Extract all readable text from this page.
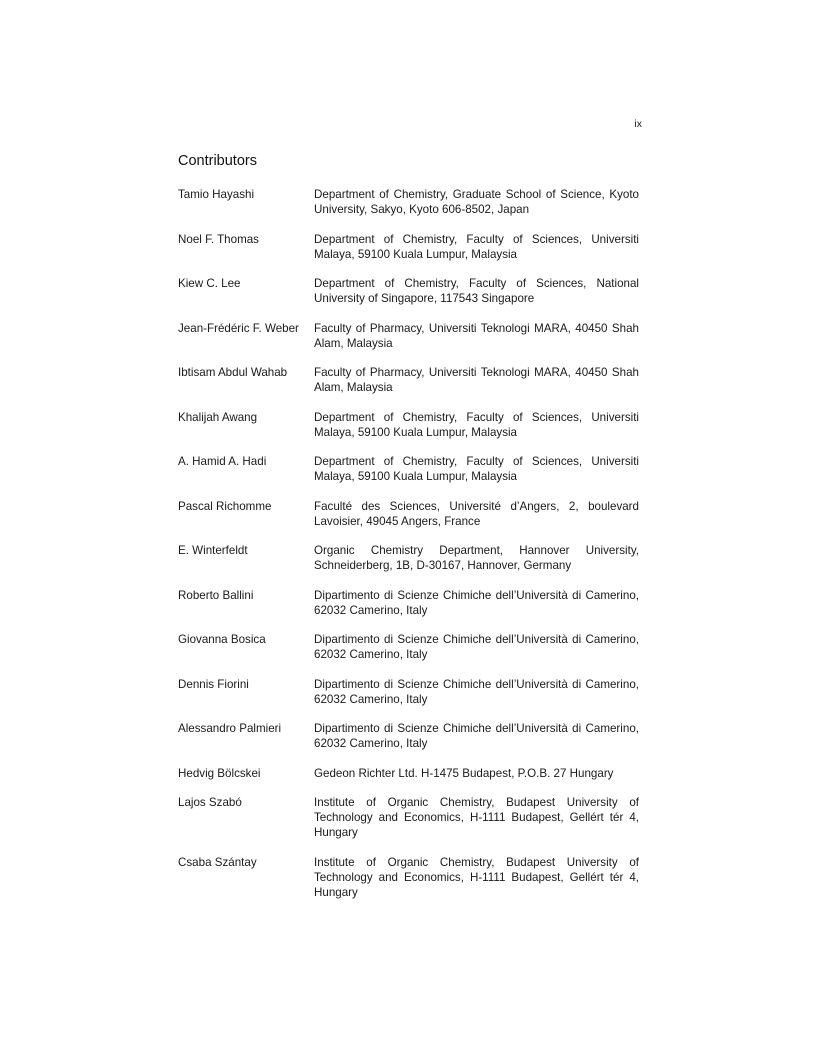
ix
Contributors
Tamio Hayashi	Department of Chemistry, Graduate School of Science, Kyoto University, Sakyo, Kyoto 606-8502, Japan
Noel F. Thomas	Department of Chemistry, Faculty of Sciences, Universiti Malaya, 59100 Kuala Lumpur, Malaysia
Kiew C. Lee	Department of Chemistry, Faculty of Sciences, National University of Singapore, 117543 Singapore
Jean-Frédéric F. Weber	Faculty of Pharmacy, Universiti Teknologi MARA, 40450 Shah Alam, Malaysia
Ibtisam Abdul Wahab	Faculty of Pharmacy, Universiti Teknologi MARA, 40450 Shah Alam, Malaysia
Khalijah Awang	Department of Chemistry, Faculty of Sciences, Universiti Malaya, 59100 Kuala Lumpur, Malaysia
A. Hamid A. Hadi	Department of Chemistry, Faculty of Sciences, Universiti Malaya, 59100 Kuala Lumpur, Malaysia
Pascal Richomme	Faculté des Sciences, Université d’Angers, 2, boulevard Lavoisier, 49045 Angers, France
E. Winterfeldt	Organic Chemistry Department, Hannover University, Schneiderberg, 1B, D-30167, Hannover, Germany
Roberto Ballini	Dipartimento di Scienze Chimiche dell’Università di Camerino, 62032 Camerino, Italy
Giovanna Bosica	Dipartimento di Scienze Chimiche dell’Università di Camerino, 62032 Camerino, Italy
Dennis Fiorini	Dipartimento di Scienze Chimiche dell’Università di Camerino, 62032 Camerino, Italy
Alessandro Palmieri	Dipartimento di Scienze Chimiche dell’Università di Camerino, 62032 Camerino, Italy
Hedvig Bölcskei	Gedeon Richter Ltd. H-1475 Budapest, P.O.B. 27 Hungary
Lajos Szabó	Institute of Organic Chemistry, Budapest University of Technology and Economics, H-1111 Budapest, Gellért tér 4, Hungary
Csaba Szántay	Institute of Organic Chemistry, Budapest University of Technology and Economics, H-1111 Budapest, Gellért tér 4, Hungary
